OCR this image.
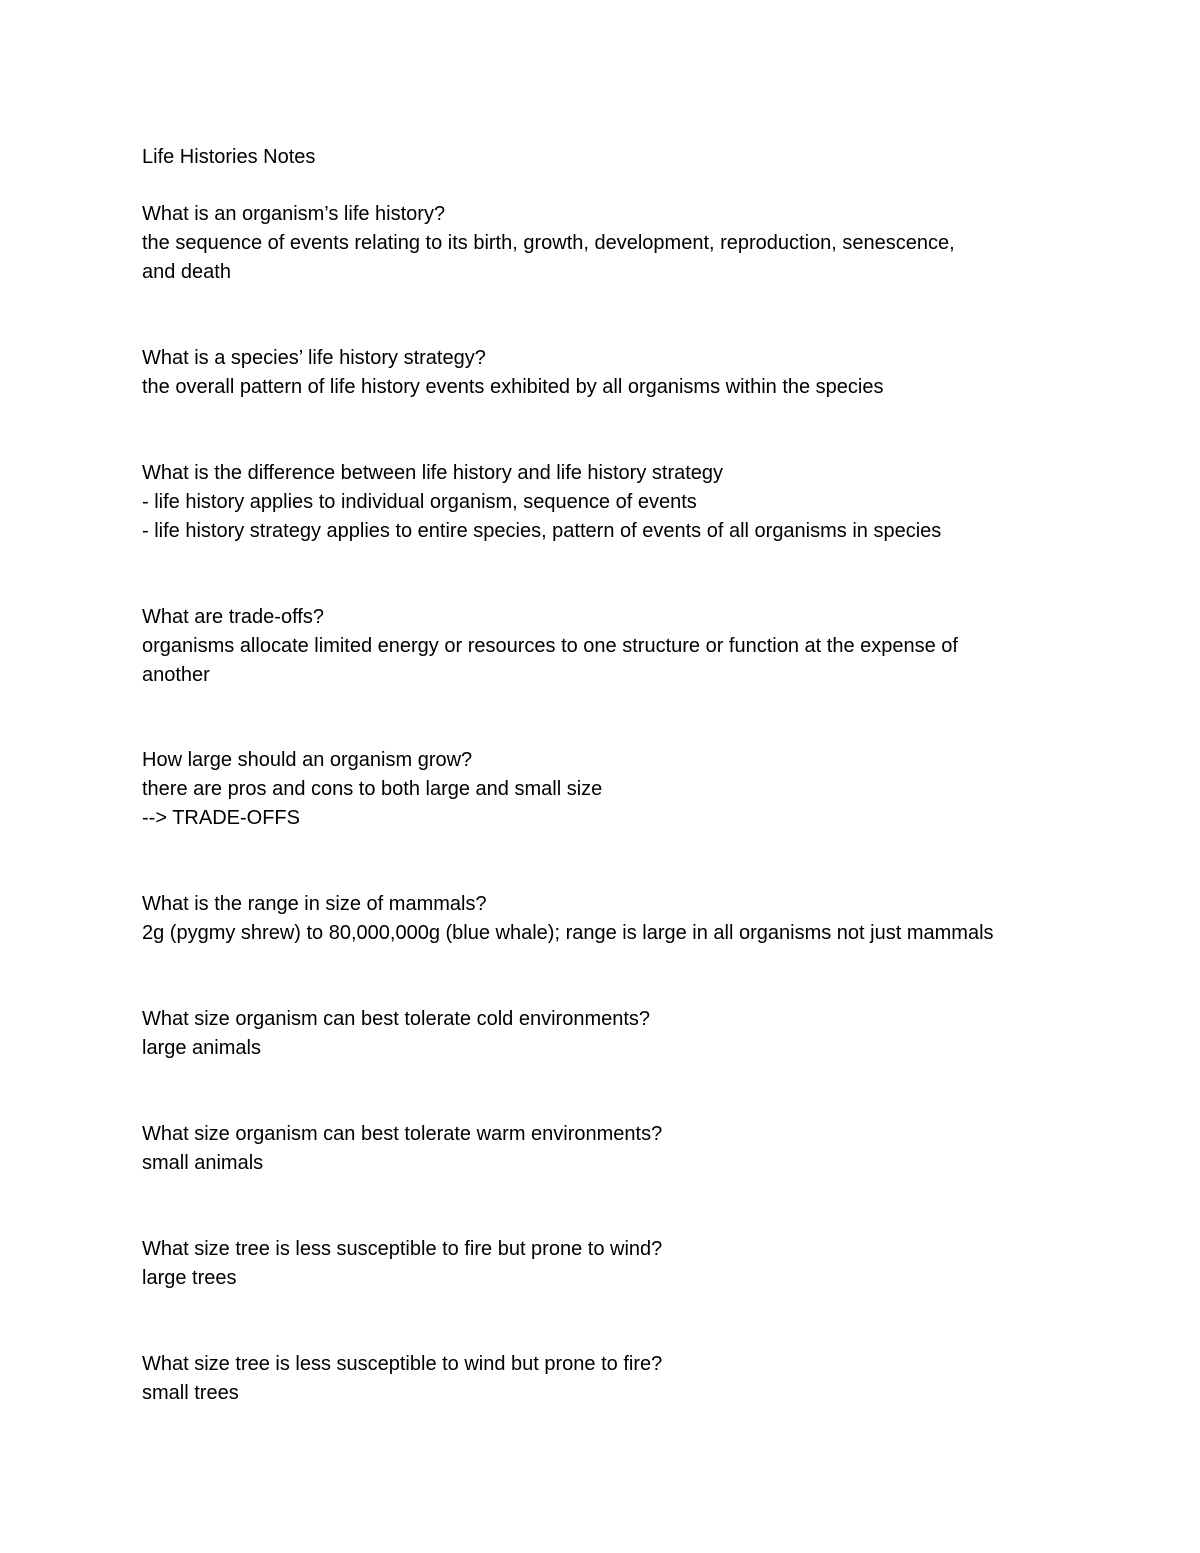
Life Histories Notes

What is an organism’s life history?

the sequence of events relating to its birth, growth, development, reproduction, senescence,

and death

What is a species’ life history strategy?

the overall pattern of life history events exhibited by all organisms within the species

What is the difference between life history and life history strategy

- life history applies to individual organism, sequence of events

- life history strategy applies to entire species, pattern of events of all organisms in species

What are trade-offs?

organisms allocate limited energy or resources to one structure or function at the expense of

another

How large should an organism grow?

there are pros and cons to both large and small size

--> TRADE-OFFS

What is the range in size of mammals?

2g (pygmy shrew) to 80,000,000g (blue whale); range is large in all organisms not just mammals

What size organism can best tolerate cold environments?

large animals

What size organism can best tolerate warm environments?

small animals

What size tree is less susceptible to fire but prone to wind?

large trees

What size tree is less susceptible to wind but prone to fire?

small trees
